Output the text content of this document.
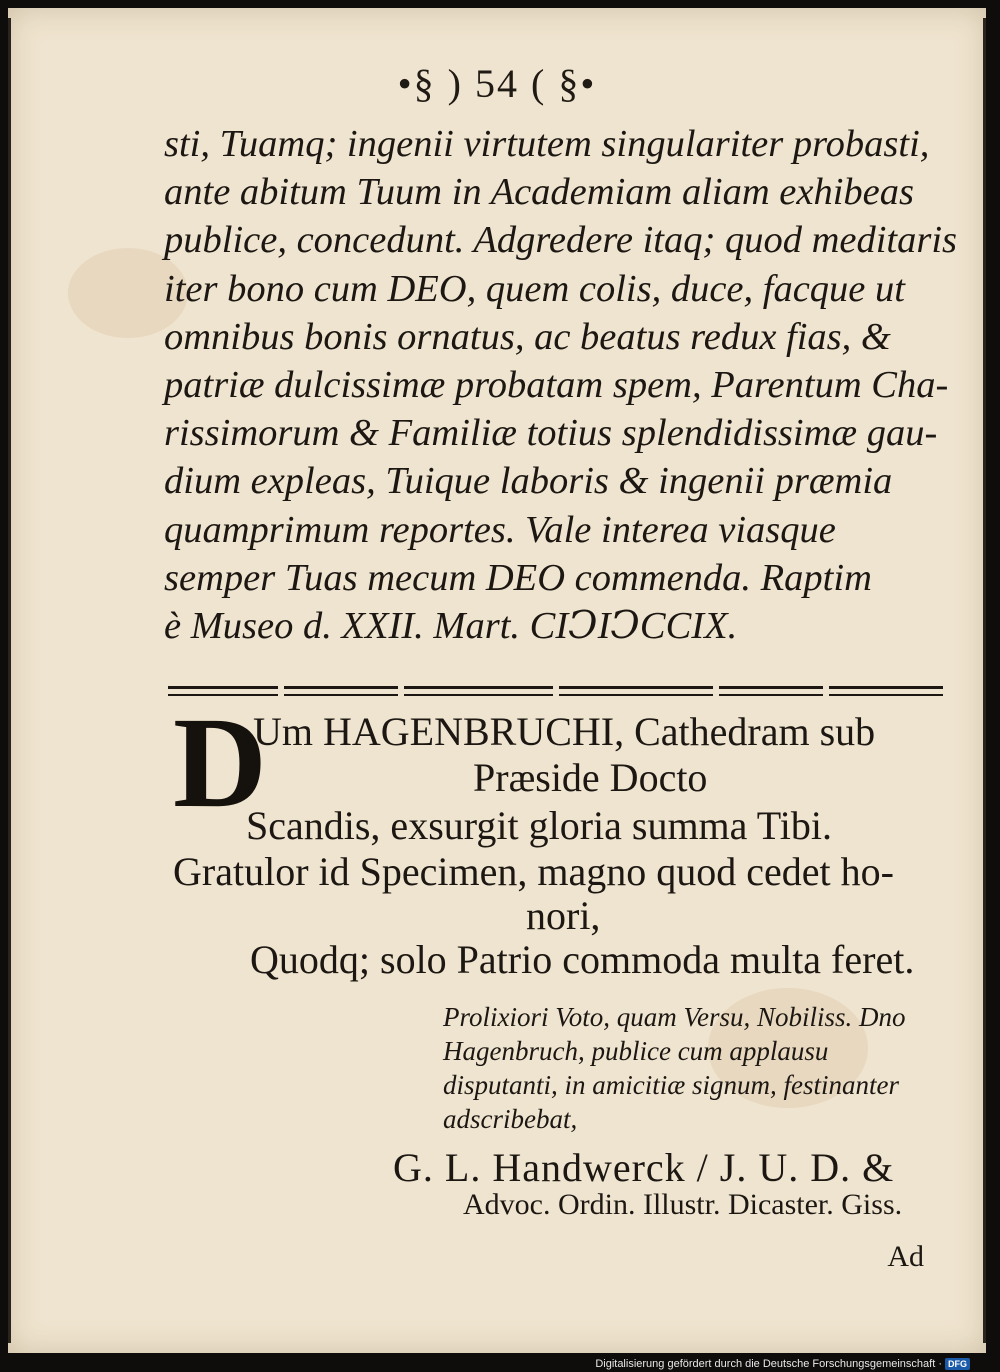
•§ ) 54 ( §•
sti, Tuamq; ingenii virtutem singulariter probasti,
ante abitum Tuum in Academiam aliam exhibeas
publice, concedunt. Adgredere itaq; quod meditaris
iter bono cum DEO, quem colis, duce, facque ut
omnibus bonis ornatus, ac beatus redux fias, &
patriæ dulcissimæ probatam spem, Parentum Cha-
rissimorum & Familiæ totius splendidissimæ gau-
dium expleas, Tuique laboris & ingenii præmia
quamprimum reportes. Vale interea viasque
semper Tuas mecum DEO commenda. Raptim
è Museo d. XXII. Mart. CIↃIↃCCIX.
D
Um HAGENBRUCHI, Cathedram sub
Præside Docto
Scandis, exsurgit gloria summa Tibi.
Gratulor id Specimen, magno quod cedet ho-
nori,
Quodq; solo Patrio commoda multa feret.
Prolixiori Voto, quam Versu, Nobiliss. Dno Hagenbruch, publice cum applausu disputanti, in amicitiæ signum, festinanter adscribebat,
G. L. Handwerck / J. U. D. &
Advoc. Ordin. Illustr. Dicaster. Giss.
Ad
Digitalisierung gefördert durch die Deutsche Forschungsgemeinschaft · DFG
